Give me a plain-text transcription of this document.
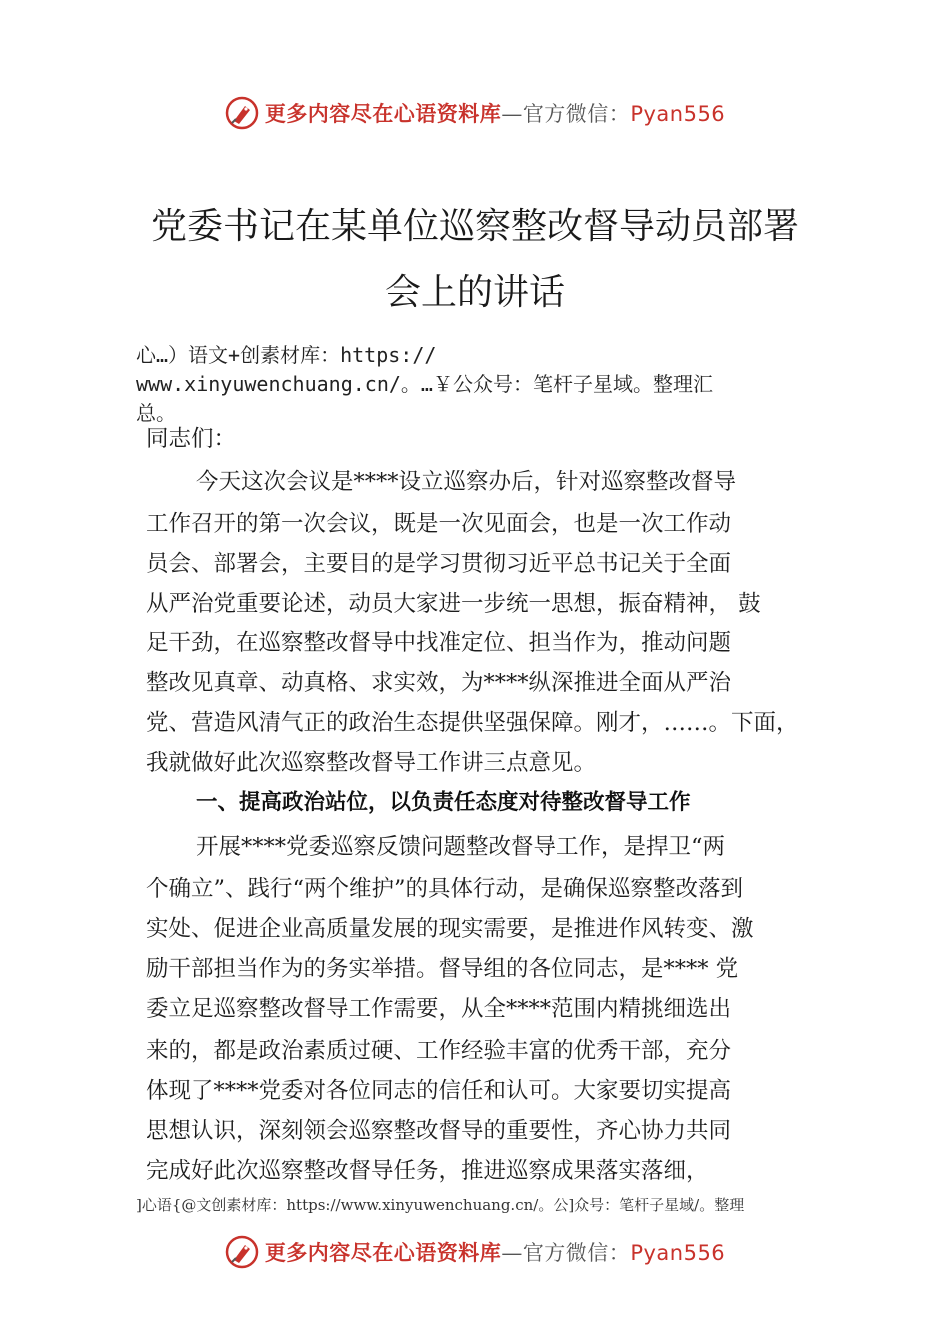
更多内容尽在心语资料库—官方微信：Pyan556
党委书记在某单位巡察整改督导动员部署
会上的讲话
心…）语文+创素材库：https://
www.xinyuwenchuang.cn/。…￥公众号：笔杆子星域。整理汇
总。
同志们：
今天这次会议是****设立巡察办后，针对巡察整改督导
工作召开的第一次会议，既是一次见面会，也是一次工作动
员会、部署会，主要目的是学习贯彻习近平总书记关于全面
从严治党重要论述，动员大家进一步统一思想，振奋精神， 鼓
足干劲，在巡察整改督导中找准定位、担当作为，推动问题
整改见真章、动真格、求实效，为****纵深推进全面从严治
党、营造风清气正的政治生态提供坚强保障。刚才，……。下面，
我就做好此次巡察整改督导工作讲三点意见。
一、提高政治站位，以负责任态度对待整改督导工作
开展****党委巡察反馈问题整改督导工作，是捍卫“两
个确立”、践行“两个维护”的具体行动，是确保巡察整改落到
实处、促进企业高质量发展的现实需要，是推进作风转变、激
励干部担当作为的务实举措。督导组的各位同志，是**** 党
委立足巡察整改督导工作需要，从全****范围内精挑细选出
来的，都是政治素质过硬、工作经验丰富的优秀干部，充分
体现了****党委对各位同志的信任和认可。大家要切实提高
思想认识，深刻领会巡察整改督导的重要性，齐心协力共同
完成好此次巡察整改督导任务，推进巡察成果落实落细，
]心语{@文创素材库：https://www.xinyuwenchuang.cn/。公]众号：笔杆子星域/。整理
更多内容尽在心语资料库—官方微信：Pyan556
